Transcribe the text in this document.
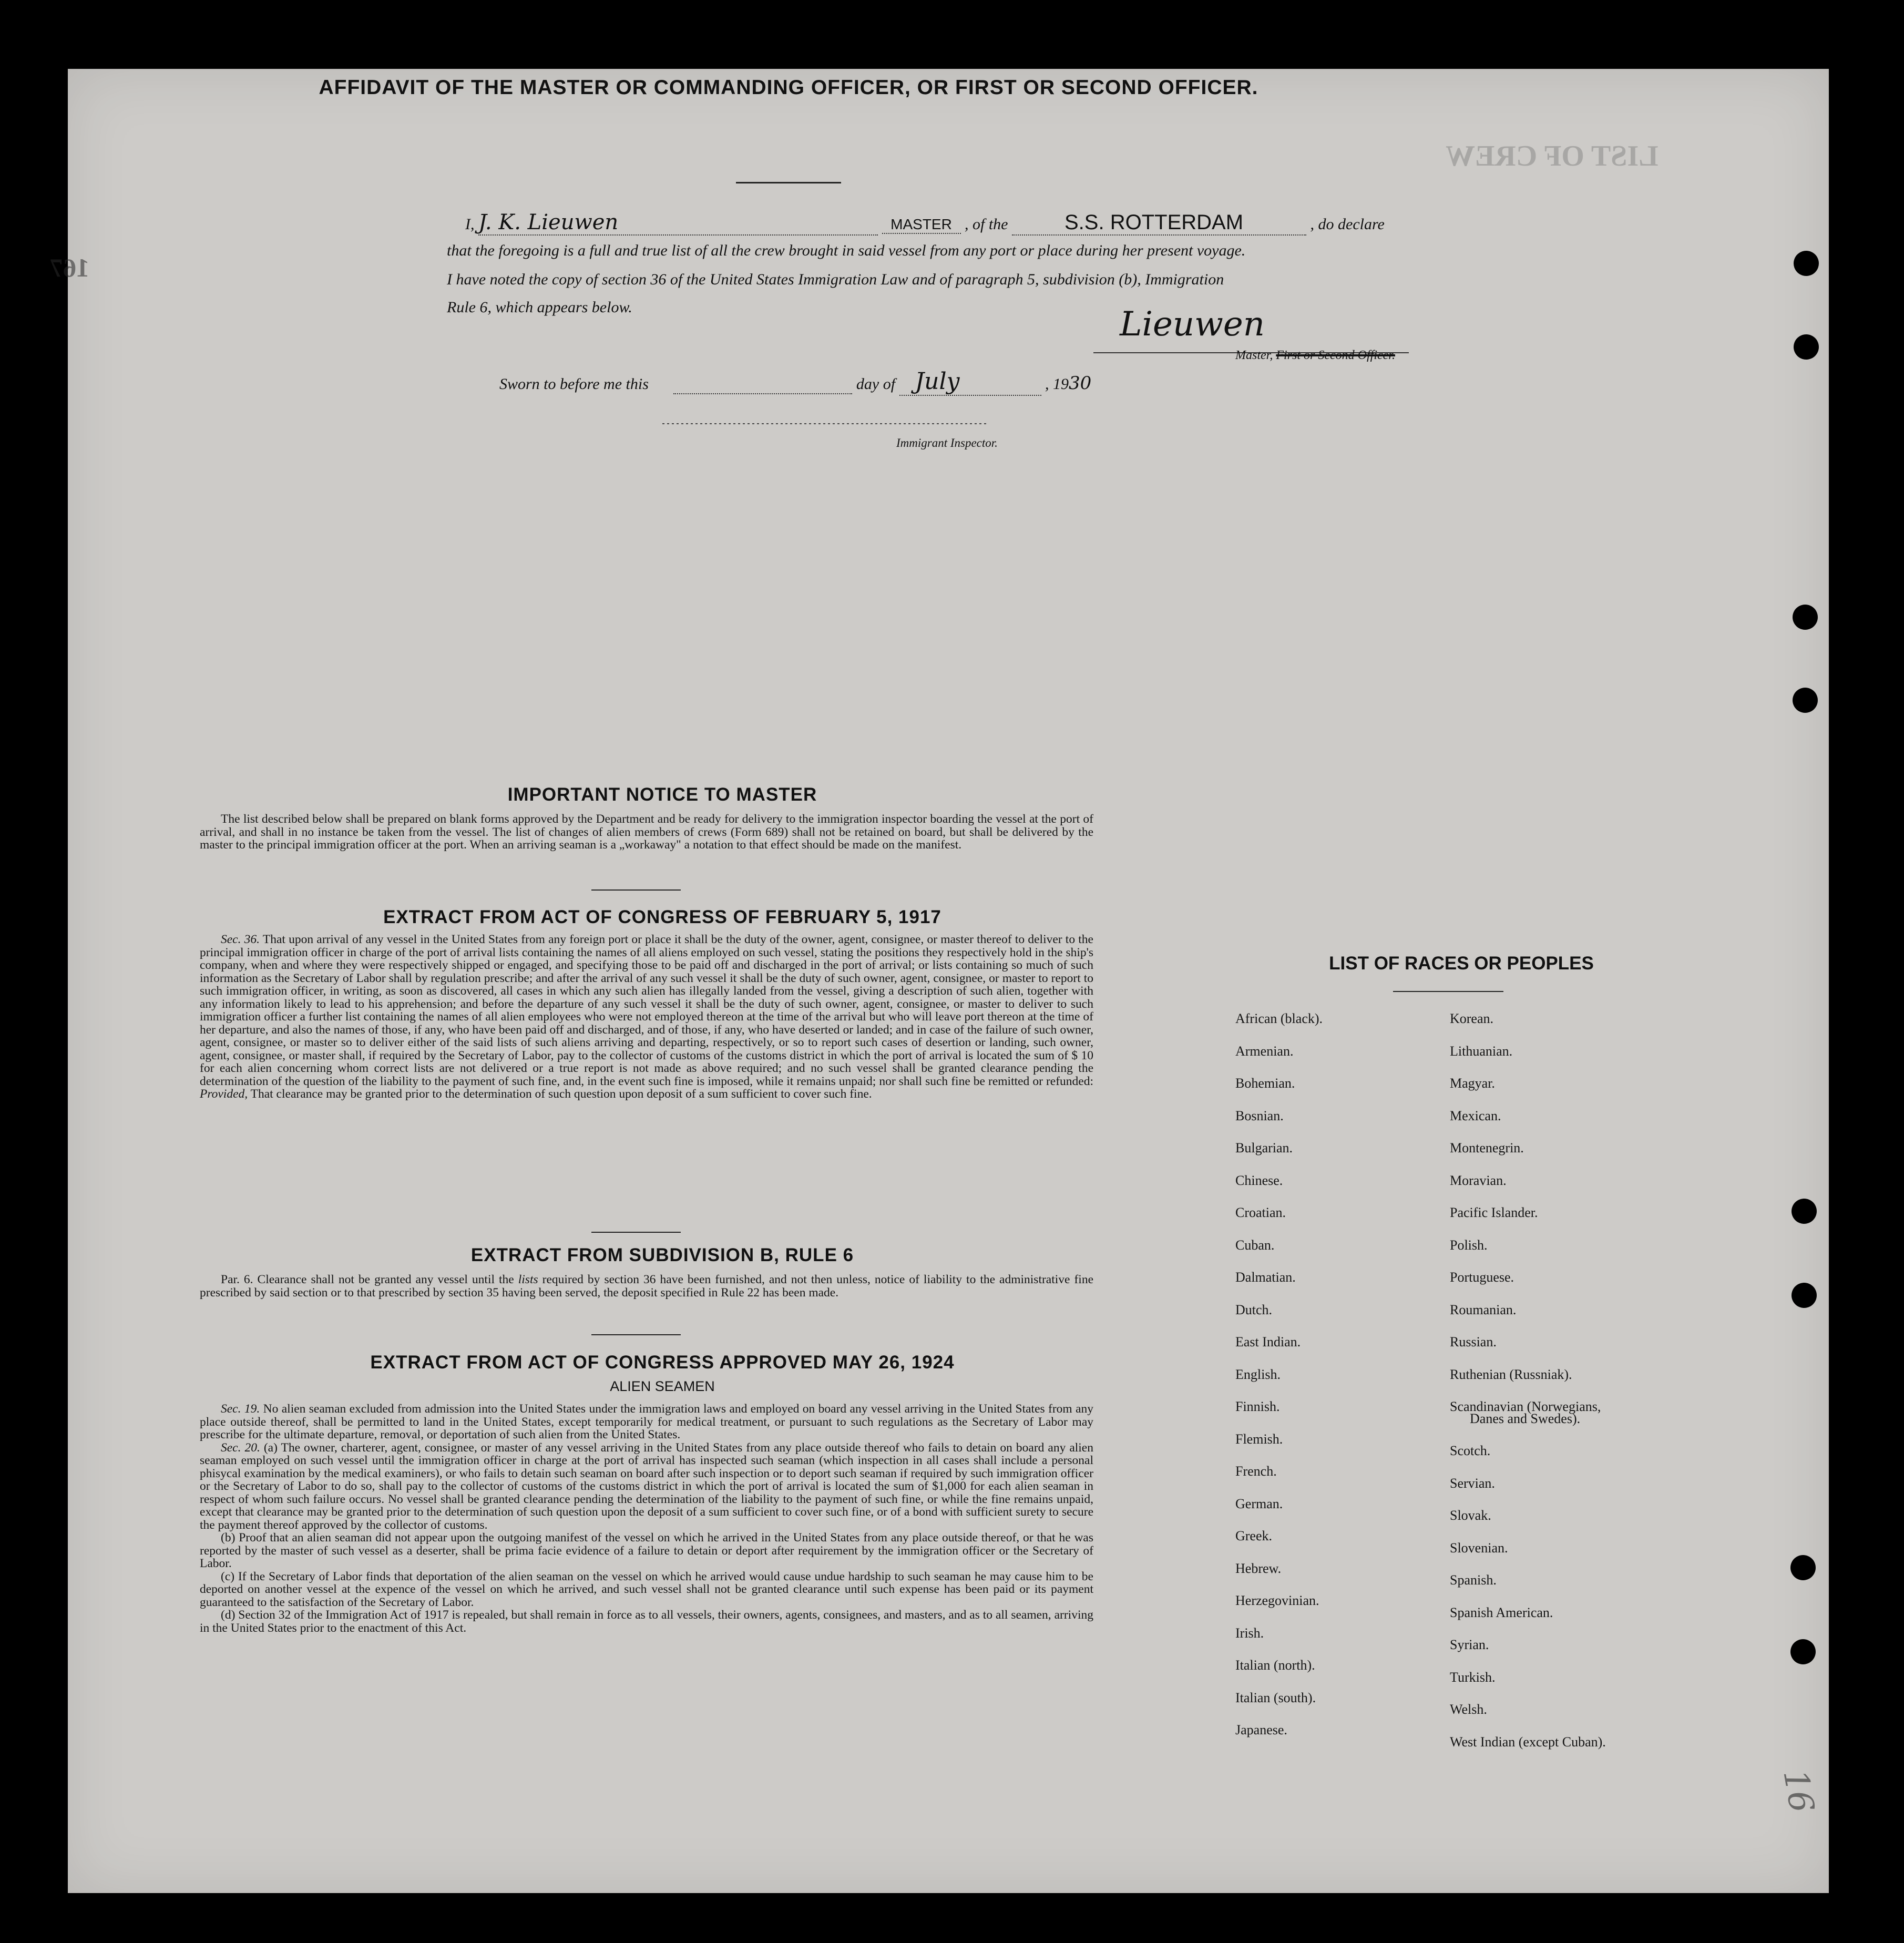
LIST OF CREW
167
AFFIDAVIT OF THE MASTER OR COMMANDING OFFICER, OR FIRST OR SECOND OFFICER.
I, J. K. Lieuwen	MASTER , of the	S.S. ROTTERDAM	, do declare
that the foregoing is a full and true list of all the crew brought in said vessel from any port or place during her present voyage.
I have noted the copy of section 36 of the United States Immigration Law and of paragraph 5, subdivision (b), Immigration
Rule 6, which appears below.	Lieuwen
Master, First or Second Officer.
Sworn to before me this	day of July	, 1930
Immigrant Inspector.
IMPORTANT NOTICE TO MASTER

The list described below shall be prepared on blank forms approved by the Department and be ready for delivery to the immigration inspector boarding the vessel at the port of arrival, and shall in no instance be taken from the vessel. The list of changes of alien members of crews (Form 689) shall not be retained on board, but shall be delivered by the master to the principal immigration officer at the port. When an arriving seaman is a „workaway" a notation to that effect should be made on the manifest.

EXTRACT FROM ACT OF CONGRESS OF FEBRUARY 5, 1917

Sec. 36. That upon arrival of any vessel in the United States from any foreign port or place it shall be the duty of the owner, agent, consignee, or master thereof to deliver to the principal immigration officer in charge of the port of arrival lists containing the names of all aliens employed on such vessel, stating the positions they respectively hold in the ship's company, when and where they were respectively shipped or engaged, and specifying those to be paid off and discharged in the port of arrival; or lists containing so much of such information as the Secretary of Labor shall by regulation prescribe; and after the arrival of any such vessel it shall be the duty of such owner, agent, consignee, or master to report to such immigration officer, in writing, as soon as discovered, all cases in which any such alien has illegally landed from the vessel, giving a description of such alien, together with any information likely to lead to his apprehension; and before the departure of any such vessel it shall be the duty of such owner, agent, consignee, or master to deliver to such immigration officer a further list containing the names of all alien employees who were not employed thereon at the time of the arrival but who will leave port thereon at the time of her departure, and also the names of those, if any, who have been paid off and discharged, and of those, if any, who have deserted or landed; and in case of the failure of such owner, agent, consignee, or master so to deliver either of the said lists of such aliens arriving and departing, respectively, or so to report such cases of desertion or landing, such owner, agent, consignee, or master shall, if required by the Secretary of Labor, pay to the collector of customs of the customs district in which the port of arrival is located the sum of $ 10 for each alien concerning whom correct lists are not delivered or a true report is not made as above required; and no such vessel shall be granted clearance pending the determination of the question of the liability to the payment of such fine, and, in the event such fine is imposed, while it remains unpaid; nor shall such fine be remitted or refunded: Provided, That clearance may be granted prior to the determination of such question upon deposit of a sum sufficient to cover such fine.

EXTRACT FROM SUBDIVISION B, RULE 6

Par. 6. Clearance shall not be granted any vessel until the lists required by section 36 have been furnished, and not then unless, notice of liability to the administrative fine prescribed by said section or to that prescribed by section 35 having been served, the deposit specified in Rule 22 has been made.

EXTRACT FROM ACT OF CONGRESS APPROVED MAY 26, 1924
ALIEN SEAMEN

Sec. 19. No alien seaman excluded from admission into the United States under the immigration laws and employed on board any vessel arriving in the United States from any place outside thereof, shall be permitted to land in the United States, except temporarily for medical treatment, or pursuant to such regulations as the Secretary of Labor may prescribe for the ultimate departure, removal, or deportation of such alien from the United States.

Sec. 20. (a) The owner, charterer, agent, consignee, or master of any vessel arriving in the United States from any place outside thereof who fails to detain on board any alien seaman employed on such vessel until the immigration officer in charge at the port of arrival has inspected such seaman (which inspection in all cases shall include a personal phisycal examination by the medical examiners), or who fails to detain such seaman on board after such inspection or to deport such seaman if required by such immigration officer or the Secretary of Labor to do so, shall pay to the collector of customs of the customs district in which the port of arrival is located the sum of $1,000 for each alien seaman in respect of whom such failure occurs. No vessel shall be granted clearance pending the determination of the liability to the payment of such fine, or while the fine remains unpaid, except that clearance may be granted prior to the determination of such question upon the deposit of a sum sufficient to cover such fine, or of a bond with sufficient surety to secure the payment thereof approved by the collector of customs.

(b) Proof that an alien seaman did not appear upon the outgoing manifest of the vessel on which he arrived in the United States from any place outside thereof, or that he was reported by the master of such vessel as a deserter, shall be prima facie evidence of a failure to detain or deport after requirement by the immigration officer or the Secretary of Labor.

(c) If the Secretary of Labor finds that deportation of the alien seaman on the vessel on which he arrived would cause undue hardship to such seaman he may cause him to be deported on another vessel at the expence of the vessel on which he arrived, and such vessel shall not be granted clearance until such expense has been paid or its payment guaranteed to the satisfaction of the Secretary of Labor.

(d) Section 32 of the Immigration Act of 1917 is repealed, but shall remain in force as to all vessels, their owners, agents, consignees, and masters, and as to all seamen, arriving in the United States prior to the enactment of this Act.

LIST OF RACES OR PEOPLES
African (black).
Armenian.
Bohemian.
Bosnian.
Bulgarian.
Chinese.
Croatian.
Cuban.
Dalmatian.
Dutch.
East Indian.
English.
Finnish.
Flemish.
French.
German.
Greek.
Hebrew.
Herzegovinian.
Irish.
Italian (north).
Italian (south).
Japanese.
Korean.
Lithuanian.
Magyar.
Mexican.
Montenegrin.
Moravian.
Pacific Islander.
Polish.
Portuguese.
Roumanian.
Russian.
Ruthenian (Russniak).
Scandinavian (Norwegians,
Danes and Swedes).
Scotch.
Servian.
Slovak.
Slovenian.
Spanish.
Spanish American.
Syrian.
Turkish.
Welsh.
West Indian (except Cuban).
16
